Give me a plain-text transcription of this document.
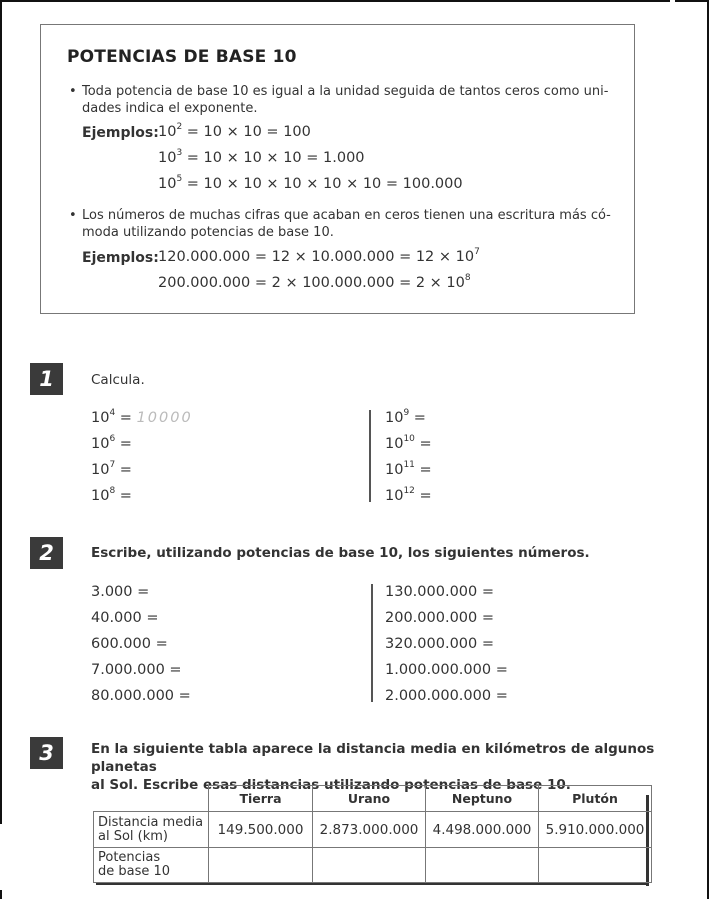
POTENCIAS DE BASE 10
• Toda potencia de base 10 es igual a la unidad seguida de tantos ceros como uni-
dades indica el exponente.
Ejemplos: $10^2 = 10 \times 10 = 100$
$10^3 = 10 \times 10 \times 10 = 1.000$
$10^5 = 10 \times 10 \times 10 \times 10 \times 10 = 100.000$
• Los números de muchas cifras que acaban en ceros tienen una escritura más có-
moda utilizando potencias de base 10.
Ejemplos: $120.000.000 = 12 \times 10.000.000 = 12 \times 10^7$
$200.000.000 = 2 \times 100.000.000 = 2 \times 10^8$
1	Calcula.
$10^4 = 10000$
$10^6$ =
$10^7$ =
$10^8$ =
$10^9$ =
$10^{10}$ =
$10^{11}$ =
$10^{12}$ =
2	Escribe, utilizando potencias de base 10, los siguientes números.
3.000 =
40.000 =
600.000 =
7.000.000 =
80.000.000 =
130.000.000 =
200.000.000 =
320.000.000 =
1.000.000.000 =
2.000.000.000 =
3	En la siguiente tabla aparece la distancia media en kilómetros de algunos planetas
al Sol. Escribe esas distancias utilizando potencias de base 10.
	Tierra	Urano	Neptuno	Plutón

Distancia media
al Sol (km)	149.500.000	2.873.000.000	4.498.000.000	5.910.000.000

Potencias
de base 10				
